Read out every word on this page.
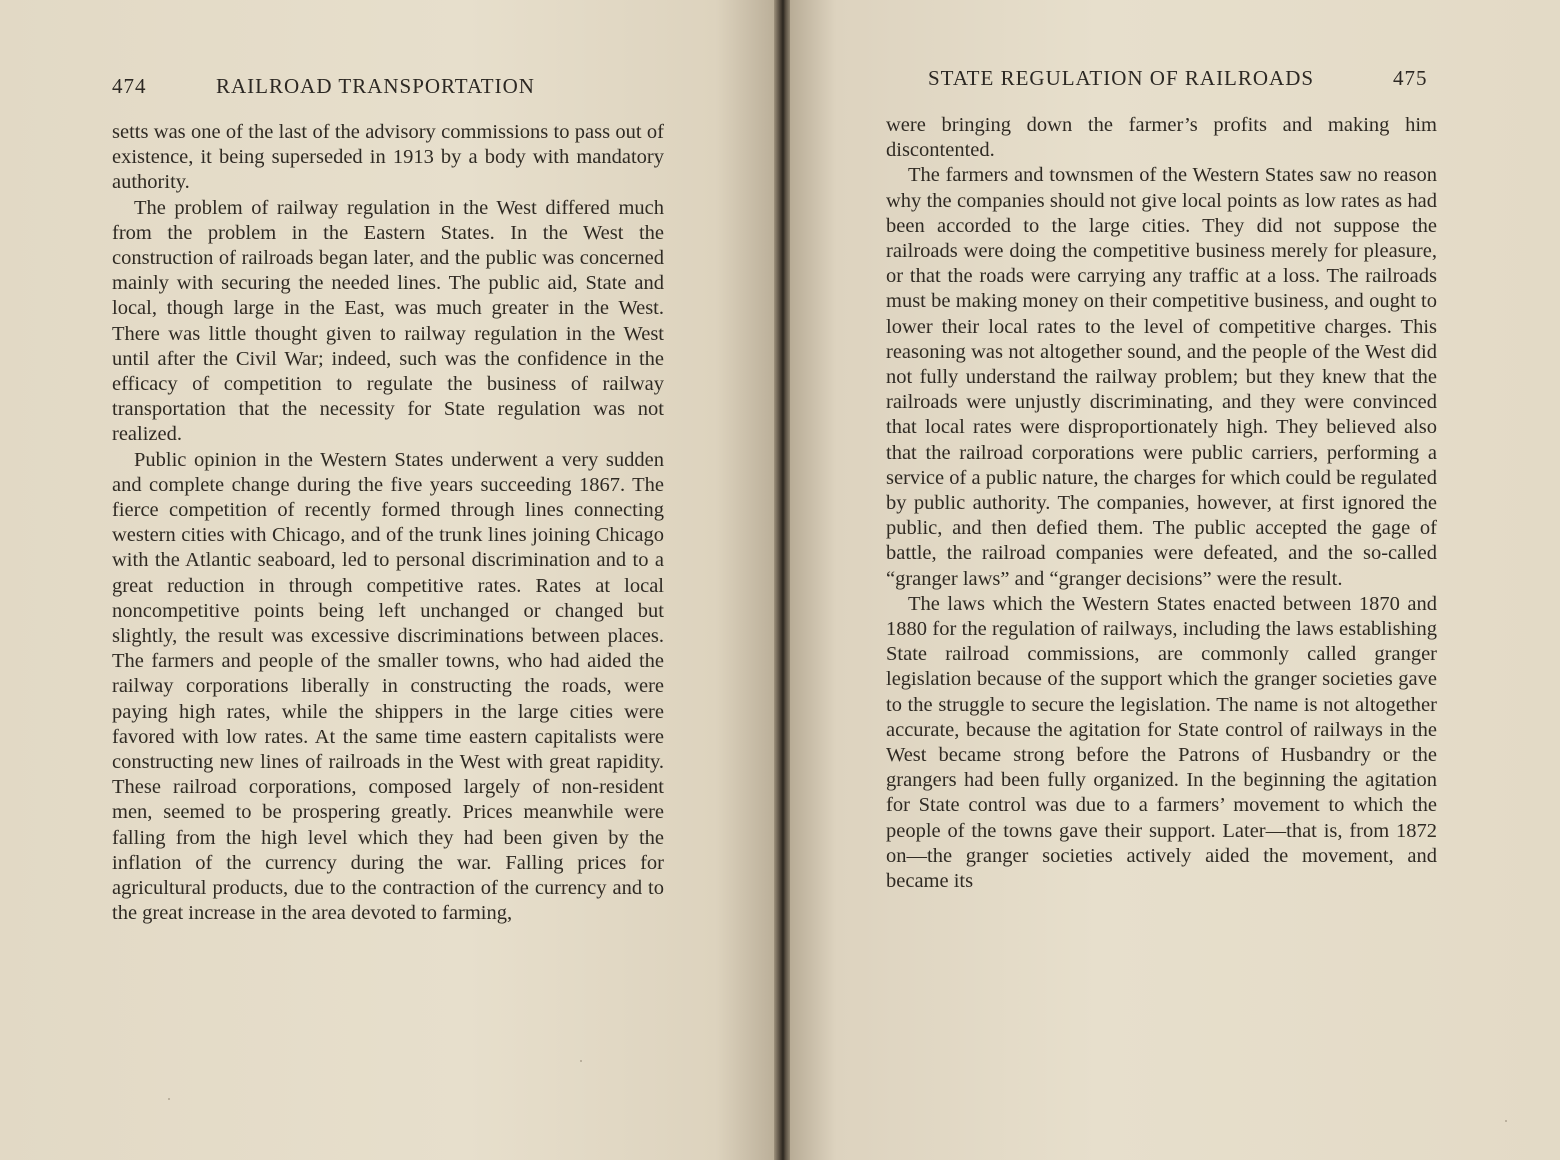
474	RAILROAD TRANSPORTATION

setts was one of the last of the advisory commissions to pass out of existence, it being superseded in 1913 by a body with mandatory authority.

The problem of railway regulation in the West differed much from the problem in the Eastern States. In the West the construction of railroads began later, and the public was concerned mainly with securing the needed lines. The public aid, State and local, though large in the East, was much greater in the West. There was little thought given to railway regulation in the West until after the Civil War; indeed, such was the confidence in the efficacy of competition to regulate the business of railway transportation that the necessity for State regulation was not realized.

Public opinion in the Western States underwent a very sudden and complete change during the five years succeeding 1867. The fierce competition of recently formed through lines connecting western cities with Chicago, and of the trunk lines joining Chicago with the Atlantic seaboard, led to personal discrimination and to a great reduction in through competitive rates. Rates at local noncompetitive points being left unchanged or changed but slightly, the result was excessive discriminations between places. The farmers and people of the smaller towns, who had aided the railway corporations liberally in constructing the roads, were paying high rates, while the shippers in the large cities were favored with low rates. At the same time eastern capitalists were constructing new lines of railroads in the West with great rapidity. These railroad corporations, composed largely of non-resident men, seemed to be prospering greatly. Prices meanwhile were falling from the high level which they had been given by the inflation of the currency during the war. Falling prices for agricultural products, due to the contraction of the currency and to the great increase in the area devoted to farming,

STATE REGULATION OF RAILROADS	475

were bringing down the farmer’s profits and making him discontented.

The farmers and townsmen of the Western States saw no reason why the companies should not give local points as low rates as had been accorded to the large cities. They did not suppose the railroads were doing the competitive business merely for pleasure, or that the roads were carrying any traffic at a loss. The railroads must be making money on their competitive business, and ought to lower their local rates to the level of competitive charges. This reasoning was not altogether sound, and the people of the West did not fully understand the railway problem; but they knew that the railroads were unjustly discriminating, and they were convinced that local rates were disproportionately high. They believed also that the railroad corporations were public carriers, performing a service of a public nature, the charges for which could be regulated by public authority. The companies, however, at first ignored the public, and then defied them. The public accepted the gage of battle, the railroad companies were defeated, and the so-called “granger laws” and “granger decisions” were the result.

The laws which the Western States enacted between 1870 and 1880 for the regulation of railways, including the laws establishing State railroad commissions, are commonly called granger legislation because of the support which the granger societies gave to the struggle to secure the legislation. The name is not altogether accurate, because the agitation for State control of railways in the West became strong before the Patrons of Husbandry or the grangers had been fully organized. In the beginning the agitation for State control was due to a farmers’ movement to which the people of the towns gave their support. Later—that is, from 1872 on—the granger societies actively aided the movement, and became its
